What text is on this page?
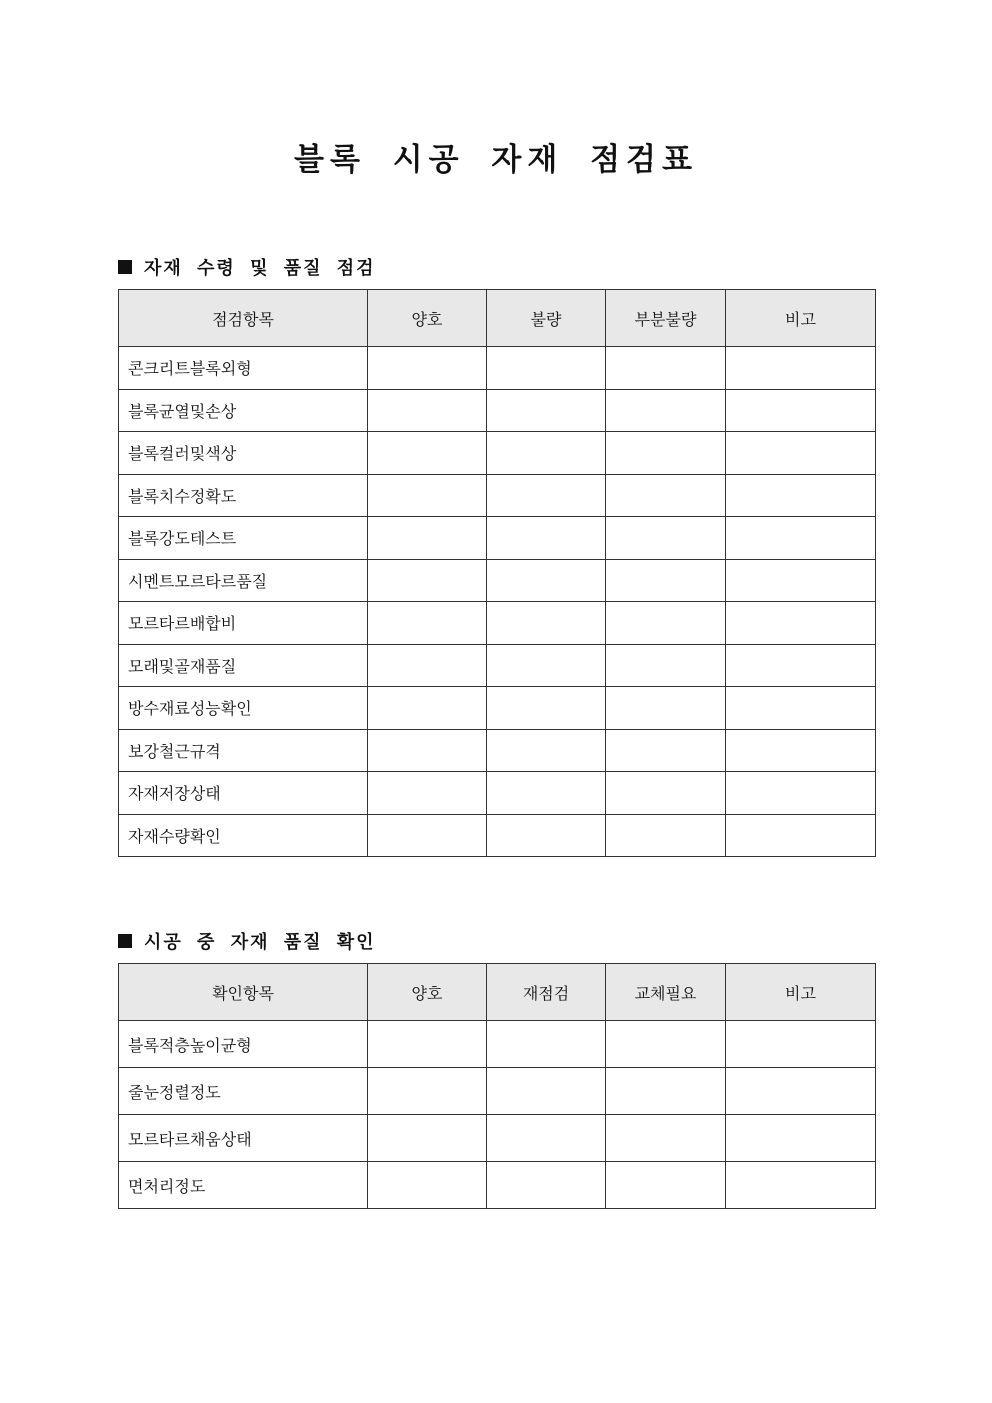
블록 시공 자재 점검표
자재 수령 및 품질 점검
점검항목	양호	불량	부분불량	비고
콘크리트블록외형				
블록균열및손상				
블록컬러및색상				
블록치수정확도				
블록강도테스트				
시멘트모르타르품질				
모르타르배합비				
모래및골재품질				
방수재료성능확인				
보강철근규격				
자재저장상태				
자재수량확인				
시공 중 자재 품질 확인
확인항목	양호	재점검	교체필요	비고
블록적층높이균형				
줄눈정렬정도				
모르타르채움상태				
면처리정도				
